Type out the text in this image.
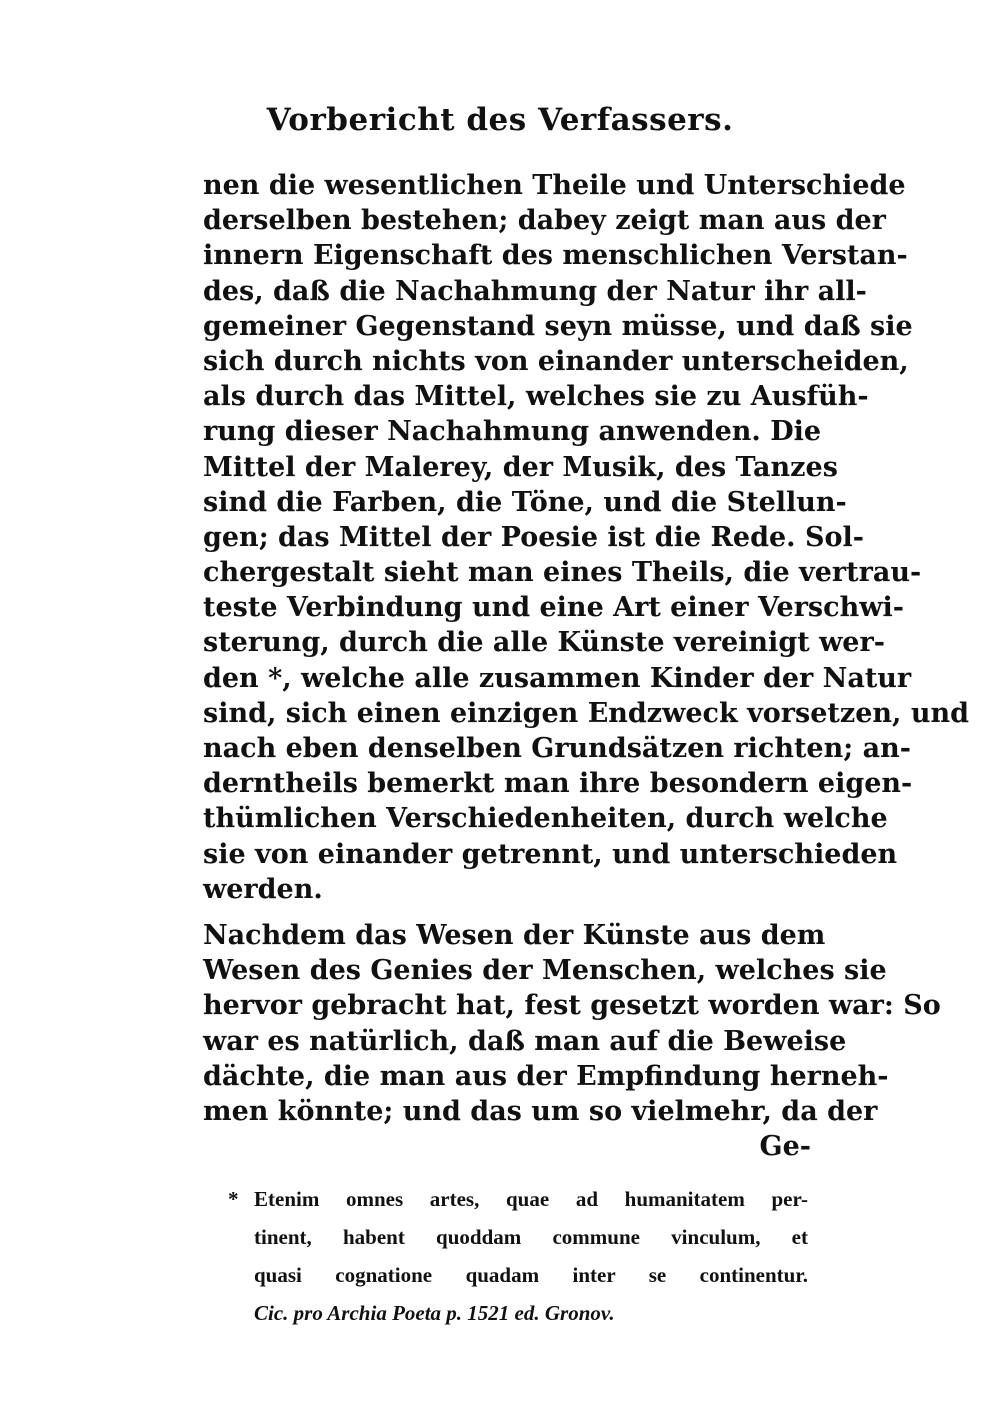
Vorbericht des Verfassers.
nen die wesentlichen Theile und Unterschiede
derselben bestehen; dabey zeigt man aus der
innern Eigenschaft des menschlichen Verstan-
des, daß die Nachahmung der Natur ihr all-
gemeiner Gegenstand seyn müsse, und daß sie
sich durch nichts von einander unterscheiden,
als durch das Mittel, welches sie zu Ausfüh-
rung dieser Nachahmung anwenden. Die
Mittel der Malerey, der Musik, des Tanzes
sind die Farben, die Töne, und die Stellun-
gen; das Mittel der Poesie ist die Rede. Sol-
chergestalt sieht man eines Theils, die vertrau-
teste Verbindung und eine Art einer Verschwi-
sterung, durch die alle Künste vereinigt wer-
den *, welche alle zusammen Kinder der Natur
sind, sich einen einzigen Endzweck vorsetzen, und
nach eben denselben Grundsätzen richten; an-
derntheils bemerkt man ihre besondern eigen-
thümlichen Verschiedenheiten, durch welche
sie von einander getrennt, und unterschieden
werden.
Nachdem das Wesen der Künste aus dem
Wesen des Genies der Menschen, welches sie
hervor gebracht hat, fest gesetzt worden war: So
war es natürlich, daß man auf die Beweise
dächte, die man aus der Empfindung herneh-
men könnte; und das um so vielmehr, da der
Ge-
* Etenim omnes artes, quae ad humanitatem per-
tinent, habent quoddam commune vinculum, et
quasi cognatione quadam inter se continentur.
Cic. pro Archia Poeta p. 1521 ed. Gronov.
